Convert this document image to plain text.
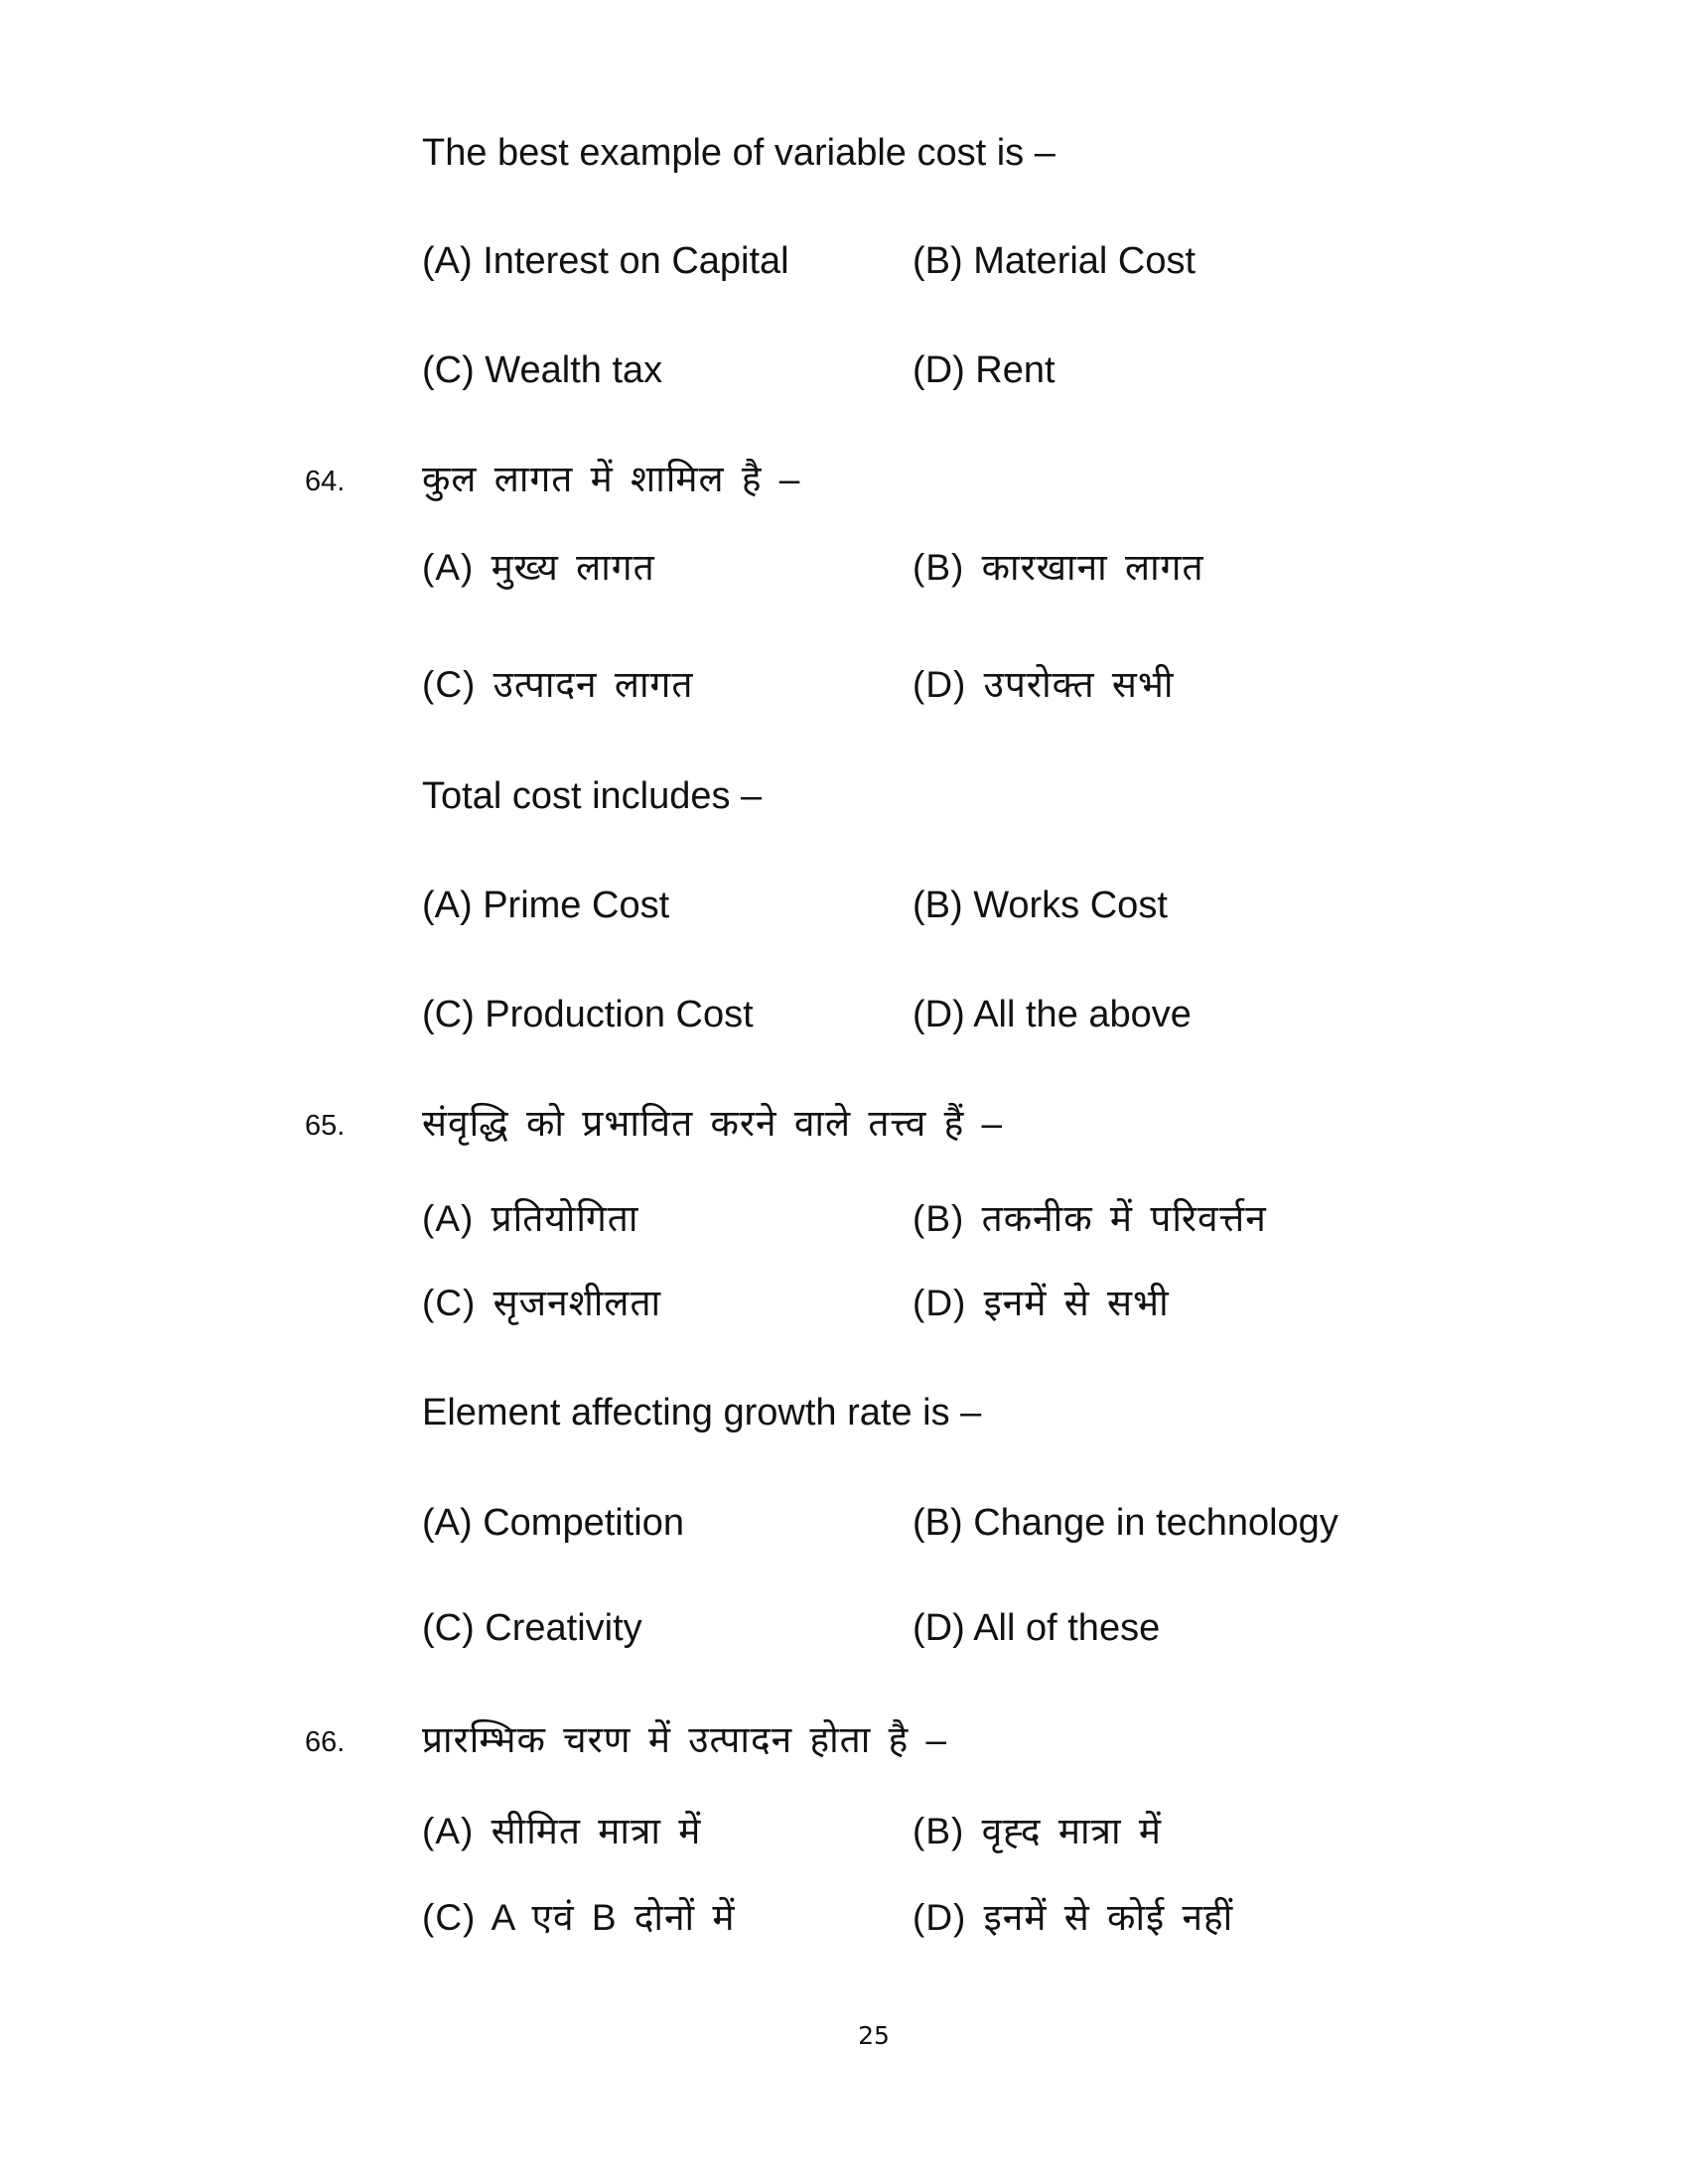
The best example of variable cost is –
(A) Interest on Capital	(B) Material Cost
(C) Wealth tax	(D) Rent
64. कुल लागत में शामिल है –
(A) मुख्य लागत	(B) कारखाना लागत
(C) उत्पादन लागत	(D) उपरोक्त सभी
Total cost includes –
(A) Prime Cost	(B) Works Cost
(C) Production Cost	(D) All the above
65. संवृद्धि को प्रभावित करने वाले तत्त्व हैं –
(A) प्रतियोगिता	(B) तकनीक में परिवर्त्तन
(C) सृजनशीलता	(D) इनमें से सभी
Element affecting growth rate is –
(A) Competition	(B) Change in technology
(C) Creativity	(D) All of these
66. प्रारम्भिक चरण में उत्पादन होता है –
(A) सीमित मात्रा में	(B) वृह्द मात्रा में
(C) A एवं B दोनों में	(D) इनमें से कोई नहीं
25
